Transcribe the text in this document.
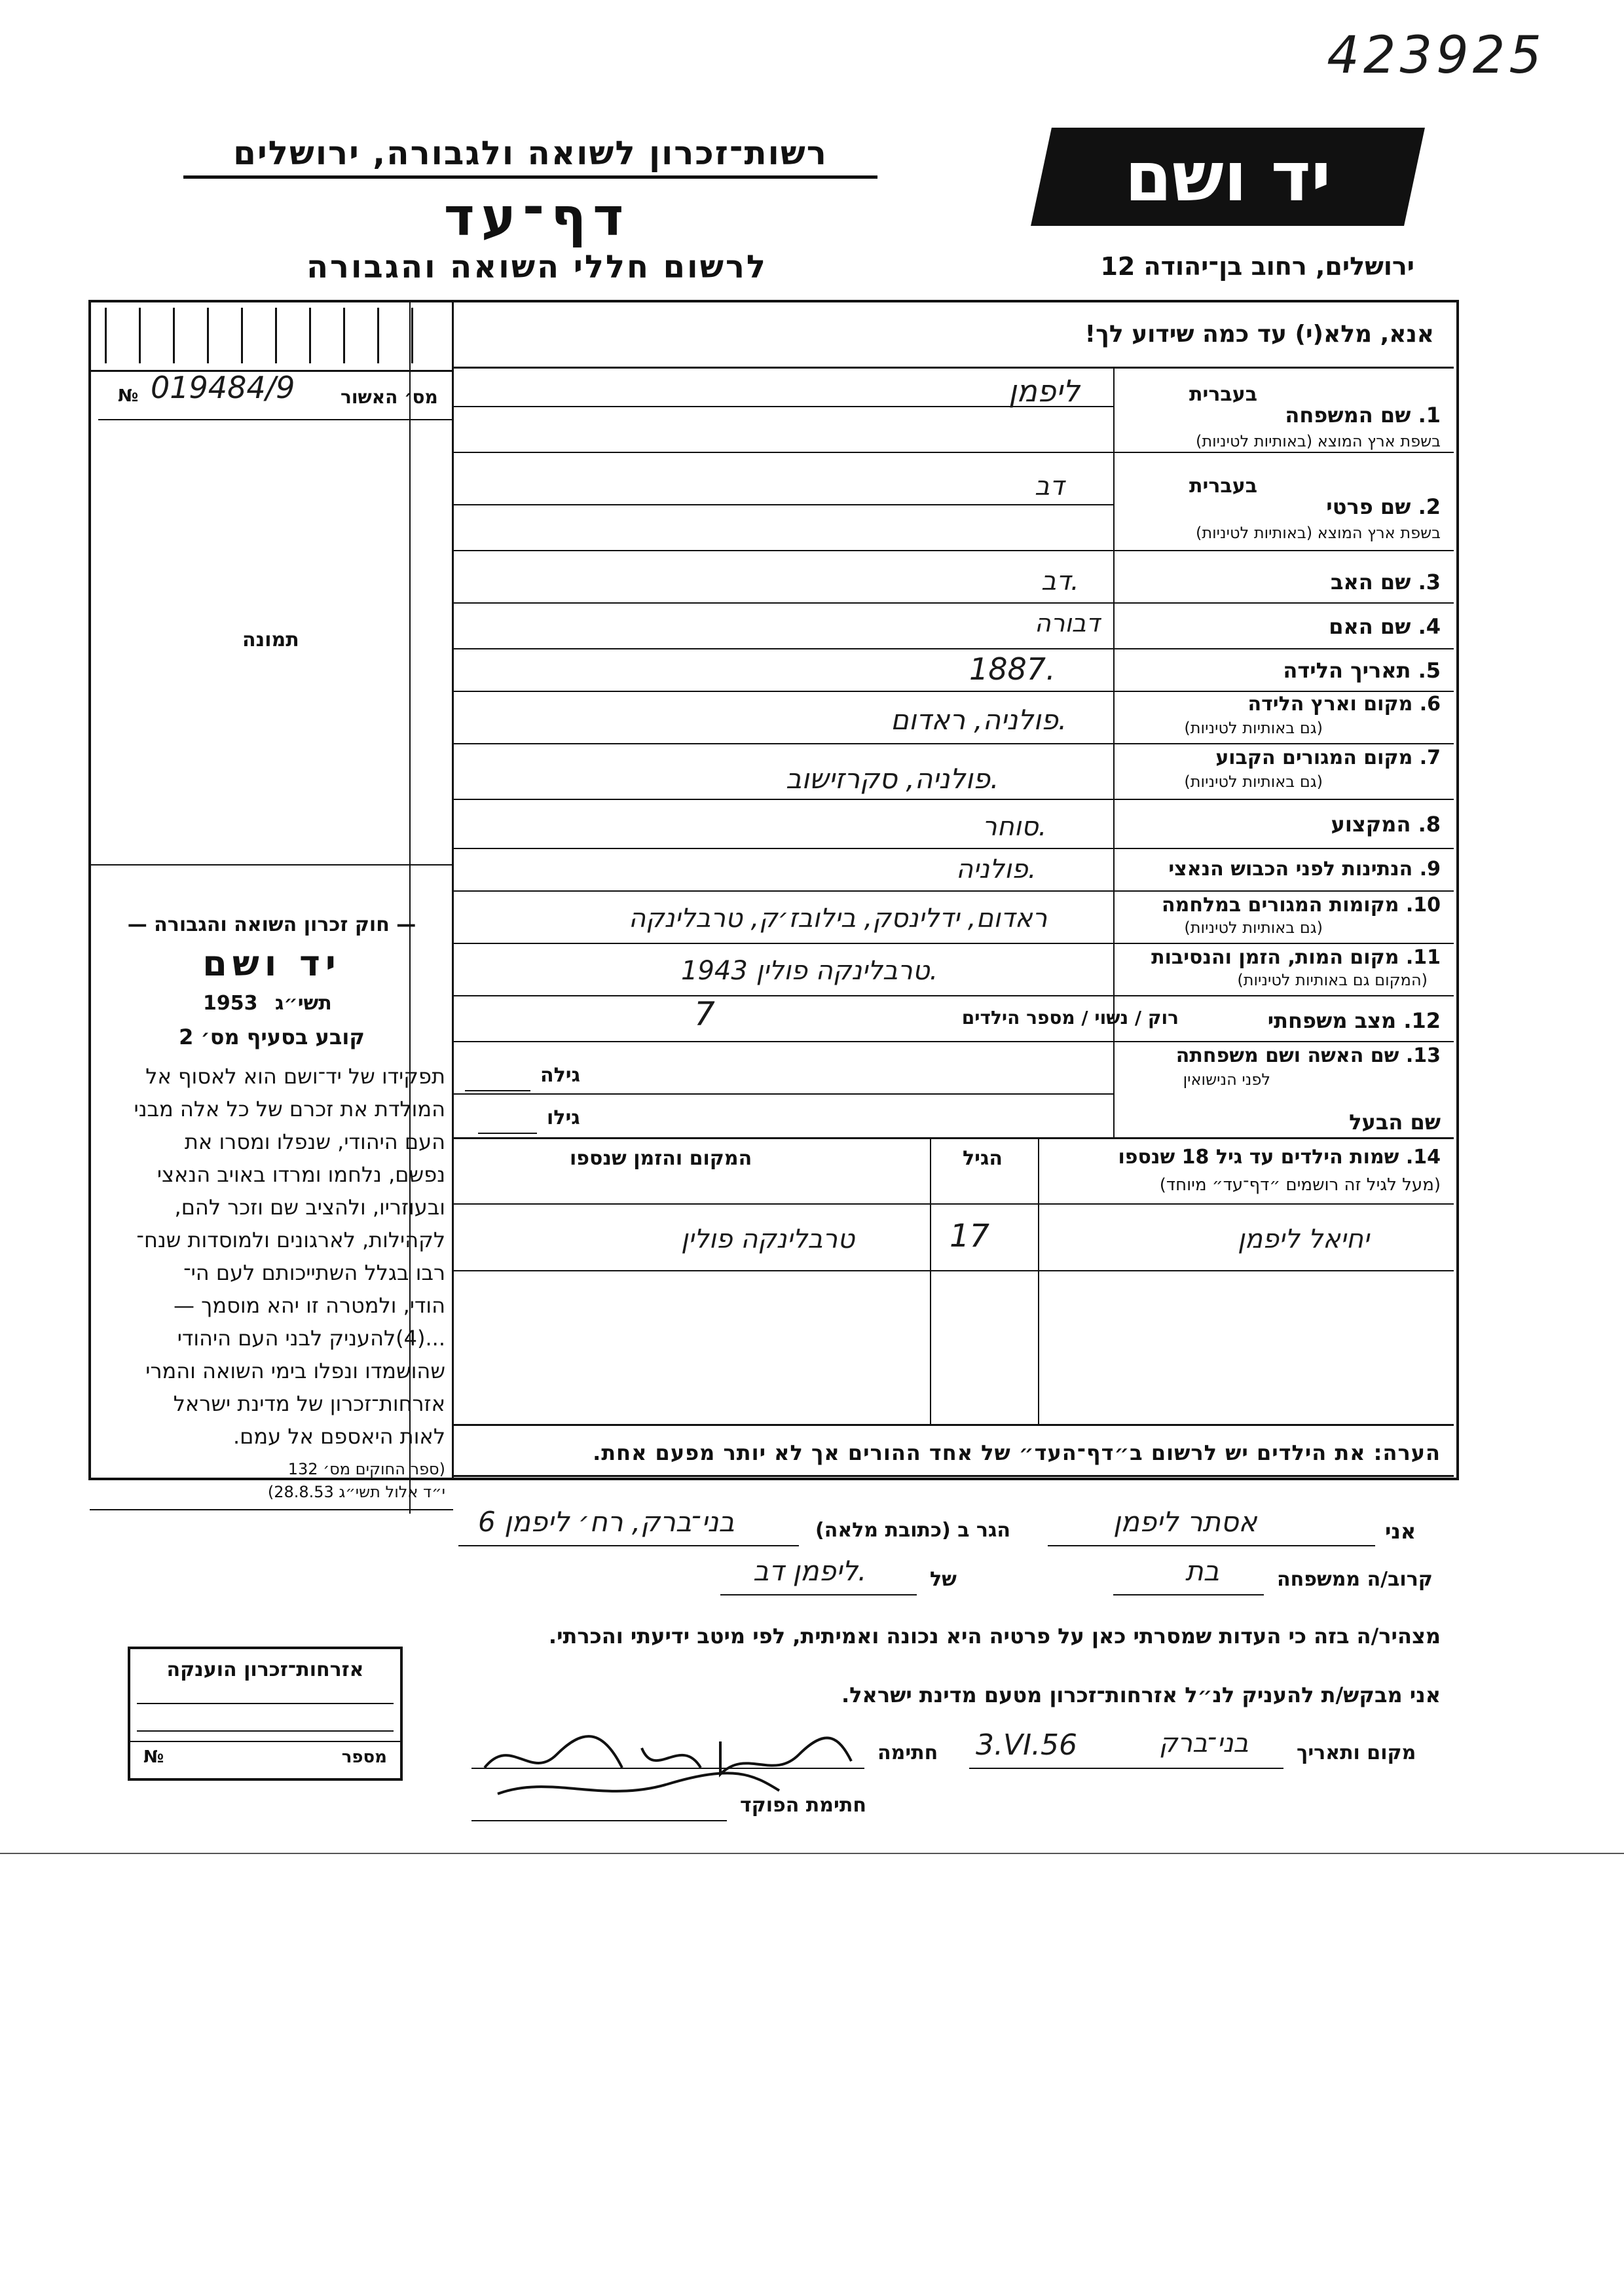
423925
רשות־זכרון לשואה ולגבורה, ירושלים
דף־עד
לרשום חללי השואה והגבורה
יד ושם
ירושלים, רחוב בן־יהודה 12
אנא, מלא(י) עד כמה שידוע לך!
מס׳ האשור
№ 019484/9
תמונה
בעברית
1. שם המשפחה
בשפת ארץ המוצא (באותיות לטיניות)
ליפמן
בעברית
2. שם פרטי
בשפת ארץ המוצא (באותיות לטיניות)
דב
3. שם האב
דב.
4. שם האם
דבורה
5. תאריך הלידה
1887.
6. מקום וארץ הלידה
(גם באותיות לטיניות)
פולניה, ראדום.
7. מקום המגורים הקבוע
(גם באותיות לטיניות)
פולניה, סקרזישוב.
8. המקצוע
סוחר.
9. הנתינות לפני הכבוש הנאצי
פולניה.
10. מקומות המגורים במלחמה
(גם באותיות לטיניות)
ראדום, ידלינסק, בילובז׳ק, טרבלינקה
11. מקום המות, הזמן והנסיבות
(המקום גם באותיות לטיניות)
טרבלינקה פולין 1943.
12. מצב משפחתי
רוק / נשוי / מספר הילדים
7
13. שם האשה ושם משפחתה
לפני הנישואין
גילה
שם הבעל
גילו
14. שמות הילדים עד גיל 18 שנספו
(מעל לגיל זה רושמים ״דף־עד״ מיוחד)
הגיל
המקום והזמן שנספו
יחיאל ליפמן
17
טרבלינקה פולין
— חוק זכרון השואה והגבורה —
יד ושם
תשי״ג
1953
קובע בסעיף מס׳ 2
תפקידו של יד־ושם הוא לאסוף אל
המולדת את זכרם של כל אלה מבני
העם היהודי, שנפלו ומסרו את
נפשם, נלחמו ומרדו באויב הנאצי
ובעוזריו, ולהציב שם וזכר להם,
לקהילות, לארגונים ולמוסדות שנח־
רבו בגלל השתייכותם לעם הי־
הודי, ולמטרה זו יהא מוסמך —
...(4)להעניק לבני העם היהודי
שהושמדו ונפלו בימי השואה והמרי
אזרחות־זכרון של מדינת ישראל
לאות היאספם אל עמם.
(ספר החוקים מס׳ 132
י״ד אלול תשי״ג 28.8.53)
הערה: את הילדים יש לרשום ב״דף־העד״ של אחד ההורים אך לא יותר מפעם אחת.
אני
אסתר ליפמן
הגר ב (כתובת מלאה)
בני־ברק, רח׳ ליפמן 6
קרוב/ה ממשפחה
בת
של
ליפמן דב.
מצהיר/ה בזה כי העדות שמסרתי כאן על פרטיה היא נכונה ואמיתית, לפי מיטב ידיעתי והכרתי.
אני מבקש/ת להעניק לנ״ל אזרחות־זכרון מטעם מדינת ישראל.
מקום ותאריך
בני־ברק
3.VI.56
חתימה
חתימת הפוקד
אזרחות־זכרון הוענקה
№	מספר
